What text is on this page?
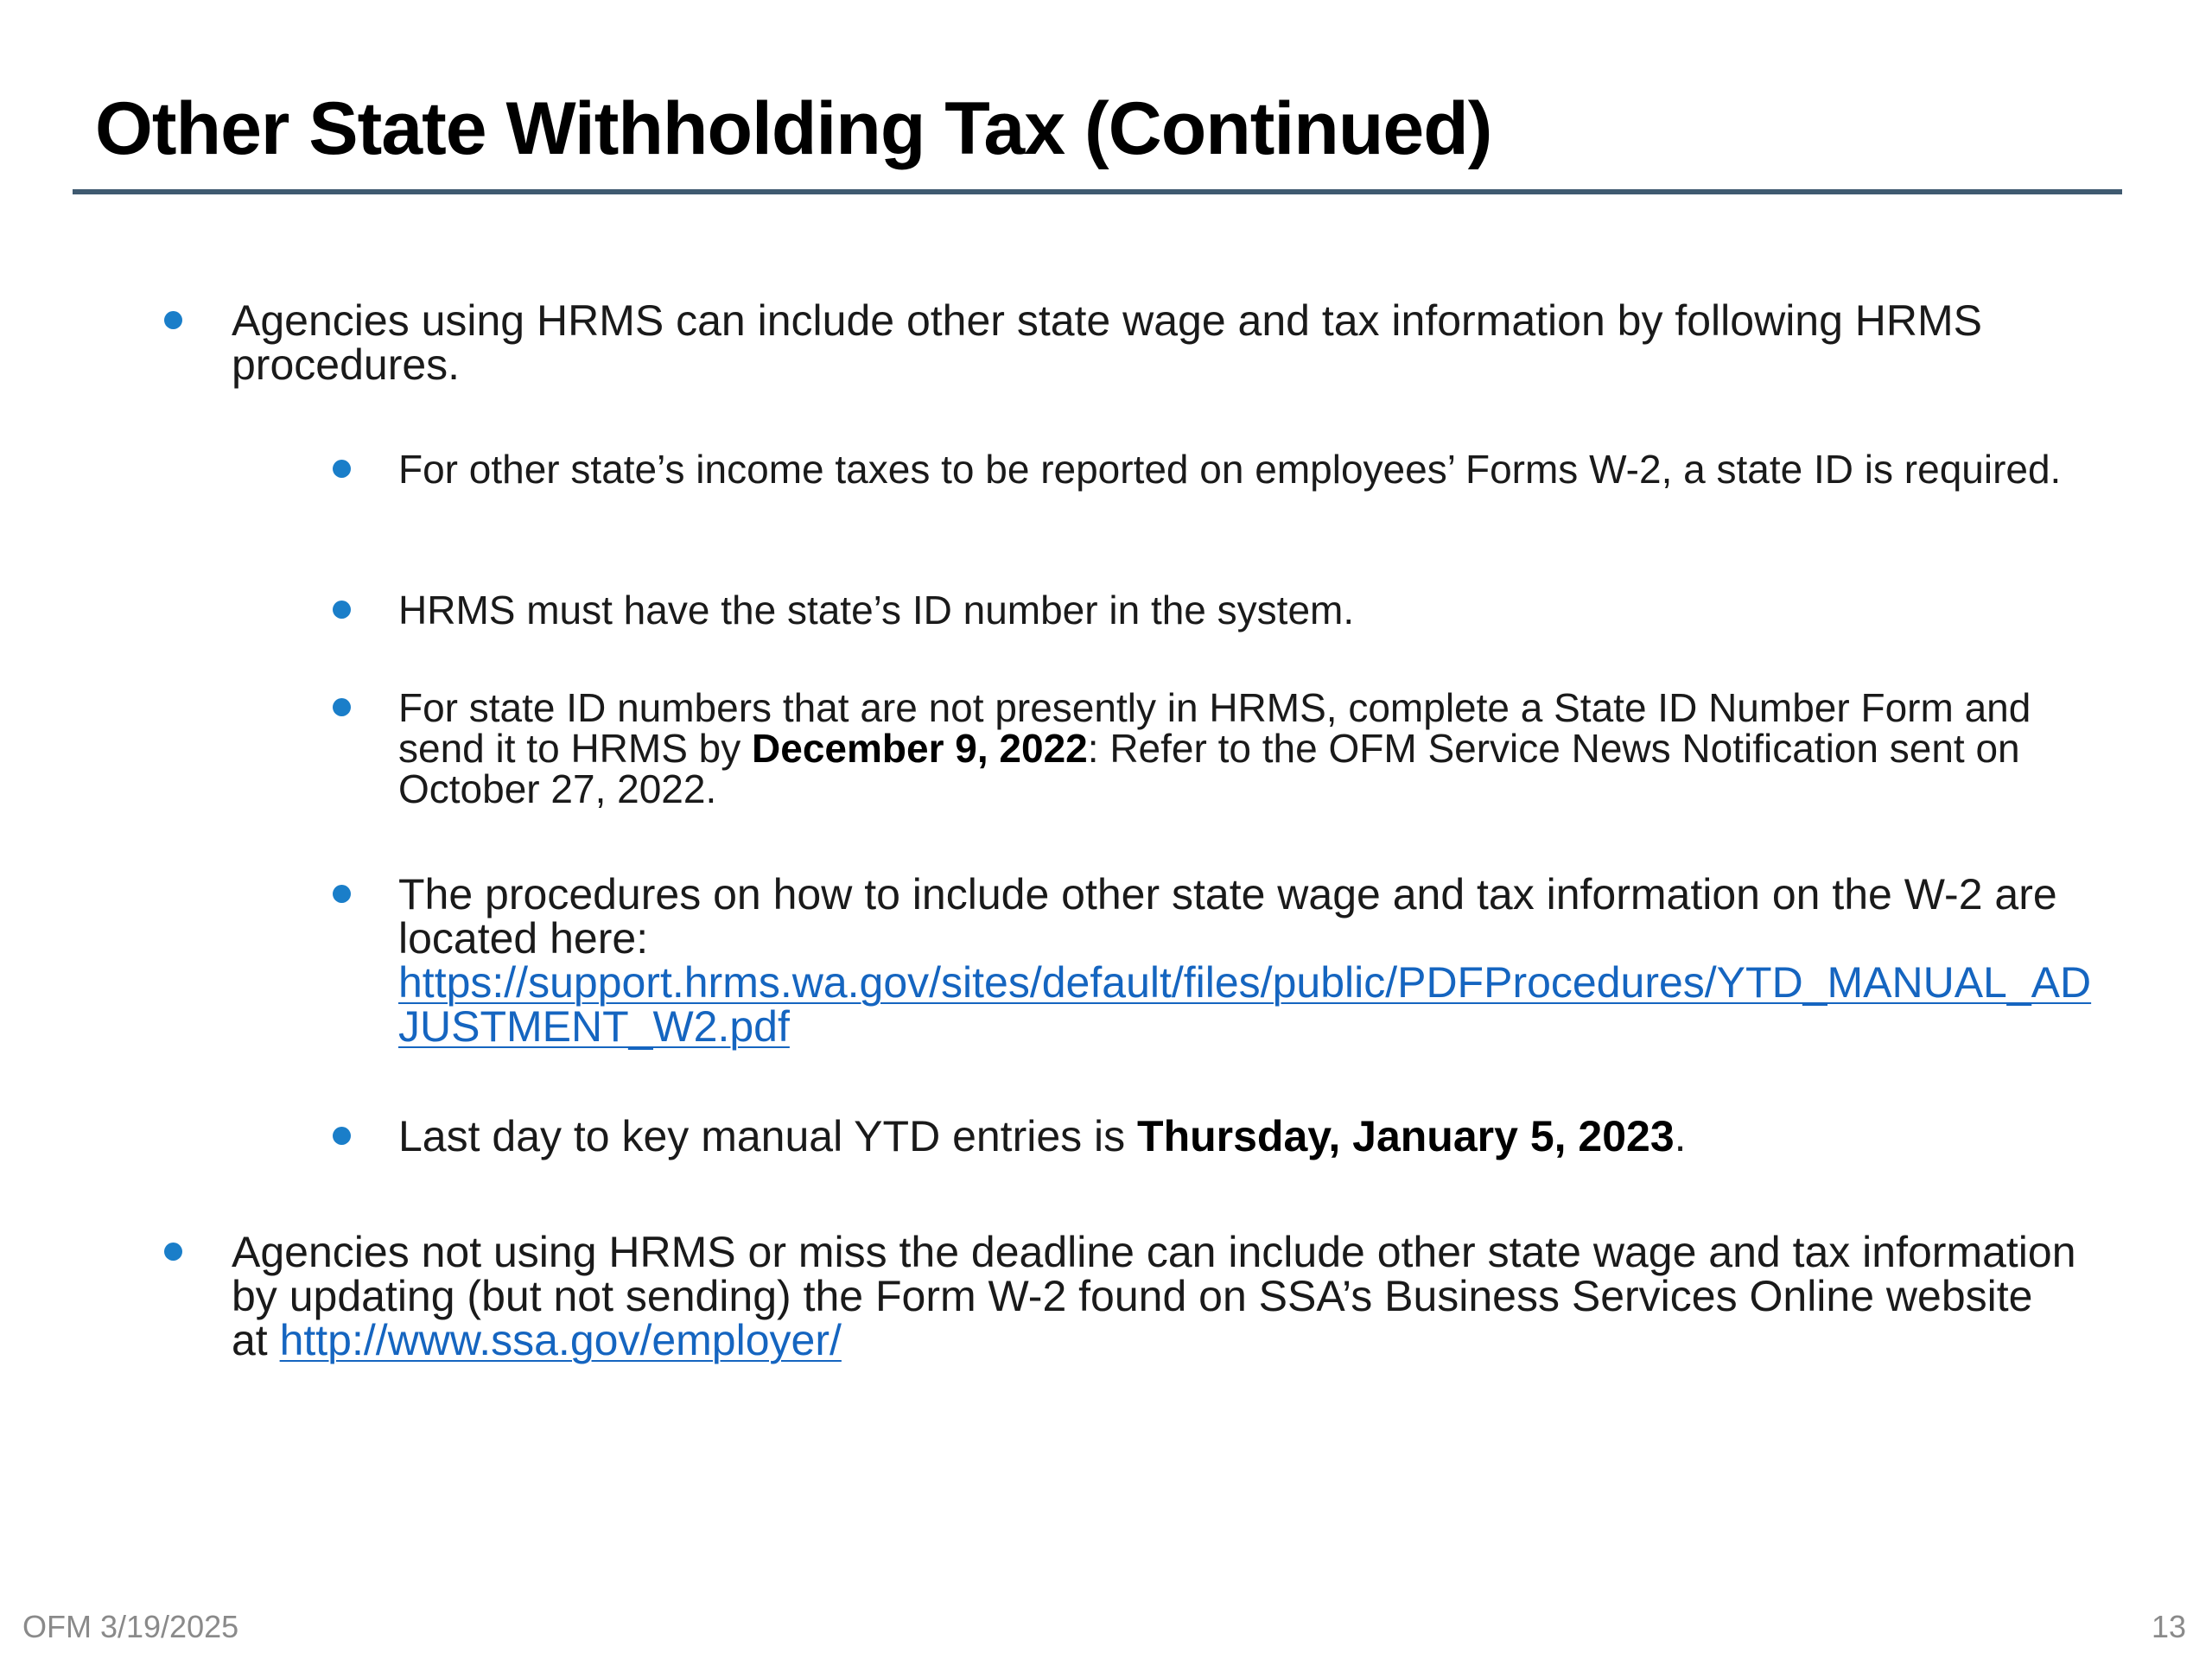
Other State Withholding Tax (Continued)
Agencies using HRMS can include other state wage and tax information by following HRMS procedures.
For other state’s income taxes to be reported on employees’ Forms W-2, a state ID is required.
HRMS must have the state’s ID number in the system.
For state ID numbers that are not presently in HRMS, complete a State ID Number Form and send it to HRMS by December 9, 2022: Refer to the OFM Service News Notification sent on October 27, 2022.
The procedures on how to include other state wage and tax information on the W-2 are located here:
https://support.hrms.wa.gov/sites/default/files/public/PDFProcedures/YTD_MANUAL_ADJUSTMENT_W2.pdf
Last day to key manual YTD entries is Thursday, January 5, 2023.
Agencies not using HRMS or miss the deadline can include other state wage and tax information by updating (but not sending) the Form W-2 found on SSA’s Business Services Online website at http://www.ssa.gov/employer/
OFM 3/19/2025	13
